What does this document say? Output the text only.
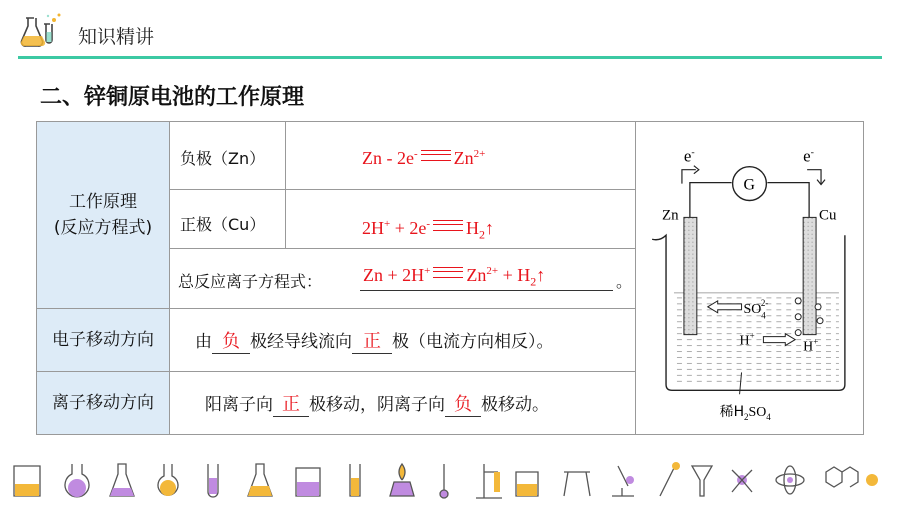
知识精讲
二、锌铜原电池的工作原理
工作原理
(反应方程式)
负极（Zn）	Zn - 2e- $Zn^{2+}$
正极（Cu）	2H+ + 2e- $H_2↑$
总反应离子方程式： Zn + 2H+ $Zn^{2+}$ + $H_2↑$	。
电子移动方向 由 负 极经导线流向 正 极（电流方向相反）。
离子移动方向	阳离子向 正 极移动，阴离子向 负 极移动。
e-	e-
G
Zn	Cu
$SO_42-$
H+
H+
稀$H_2SO_4$
